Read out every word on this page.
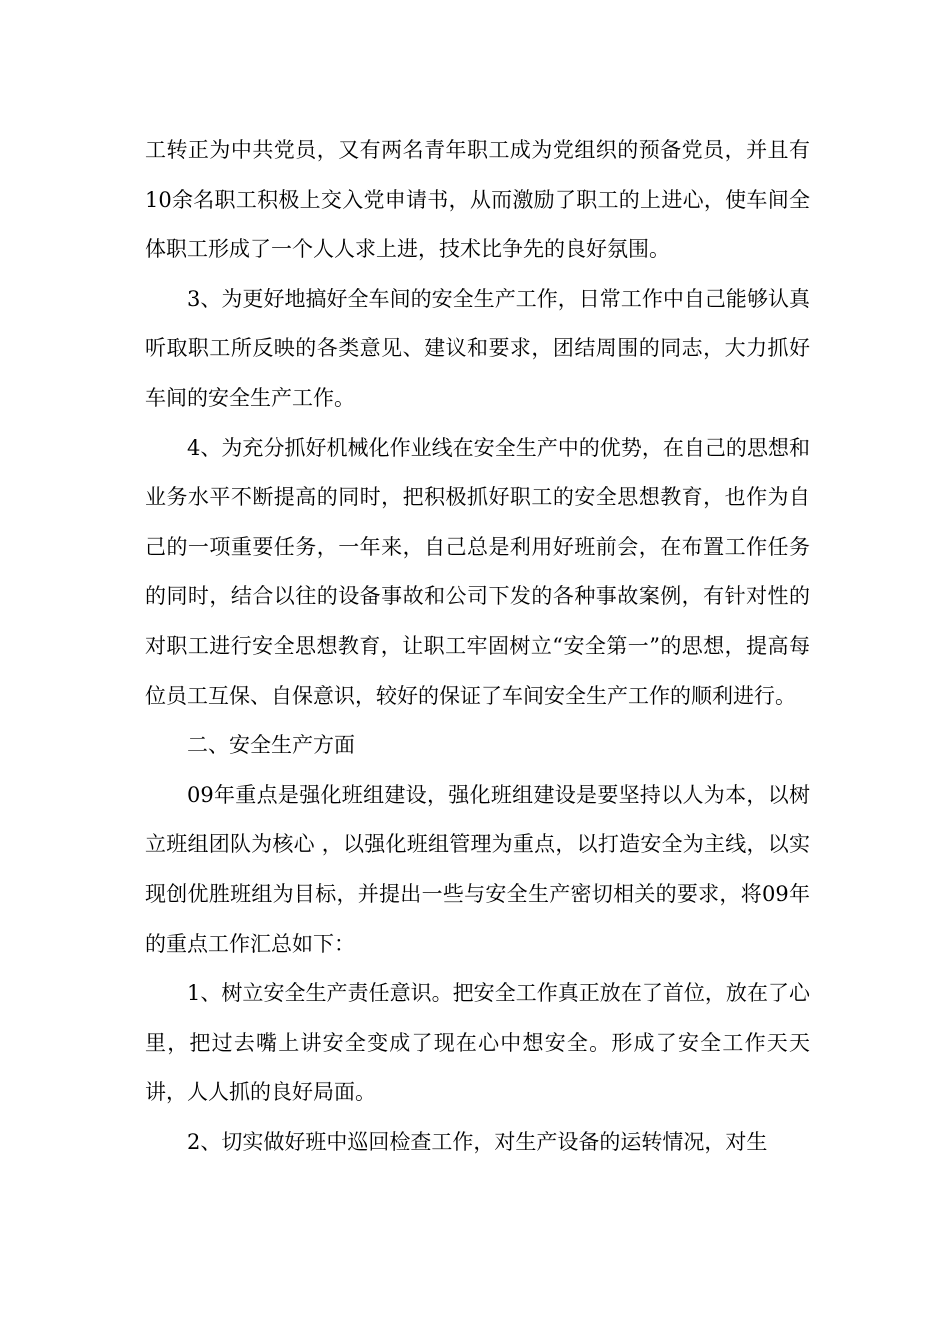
工转正为中共党员，又有两名青年职工成为党组织的预备党员，并且有10余名职工积极上交入党申请书，从而激励了职工的上进心，使车间全体职工形成了一个人人求上进，技术比争先的良好氛围。

3、为更好地搞好全车间的安全生产工作，日常工作中自己能够认真听取职工所反映的各类意见、建议和要求，团结周围的同志，大力抓好车间的安全生产工作。

4、为充分抓好机械化作业线在安全生产中的优势，在自己的思想和业务水平不断提高的同时，把积极抓好职工的安全思想教育，也作为自己的一项重要任务，一年来，自己总是利用好班前会，在布置工作任务的同时，结合以往的设备事故和公司下发的各种事故案例，有针对性的对职工进行安全思想教育，让职工牢固树立“安全第一”的思想，提高每位员工互保、自保意识，较好的保证了车间安全生产工作的顺利进行。

二、安全生产方面

09年重点是强化班组建设，强化班组建设是要坚持以人为本，以树立班组团队为核心 ，以强化班组管理为重点，以打造安全为主线，以实现创优胜班组为目标，并提出一些与安全生产密切相关的要求，将09年的重点工作汇总如下：

1、树立安全生产责任意识。把安全工作真正放在了首位，放在了心里，把过去嘴上讲安全变成了现在心中想安全。形成了安全工作天天讲，人人抓的良好局面。

2、切实做好班中巡回检查工作，对生产设备的运转情况，对生
